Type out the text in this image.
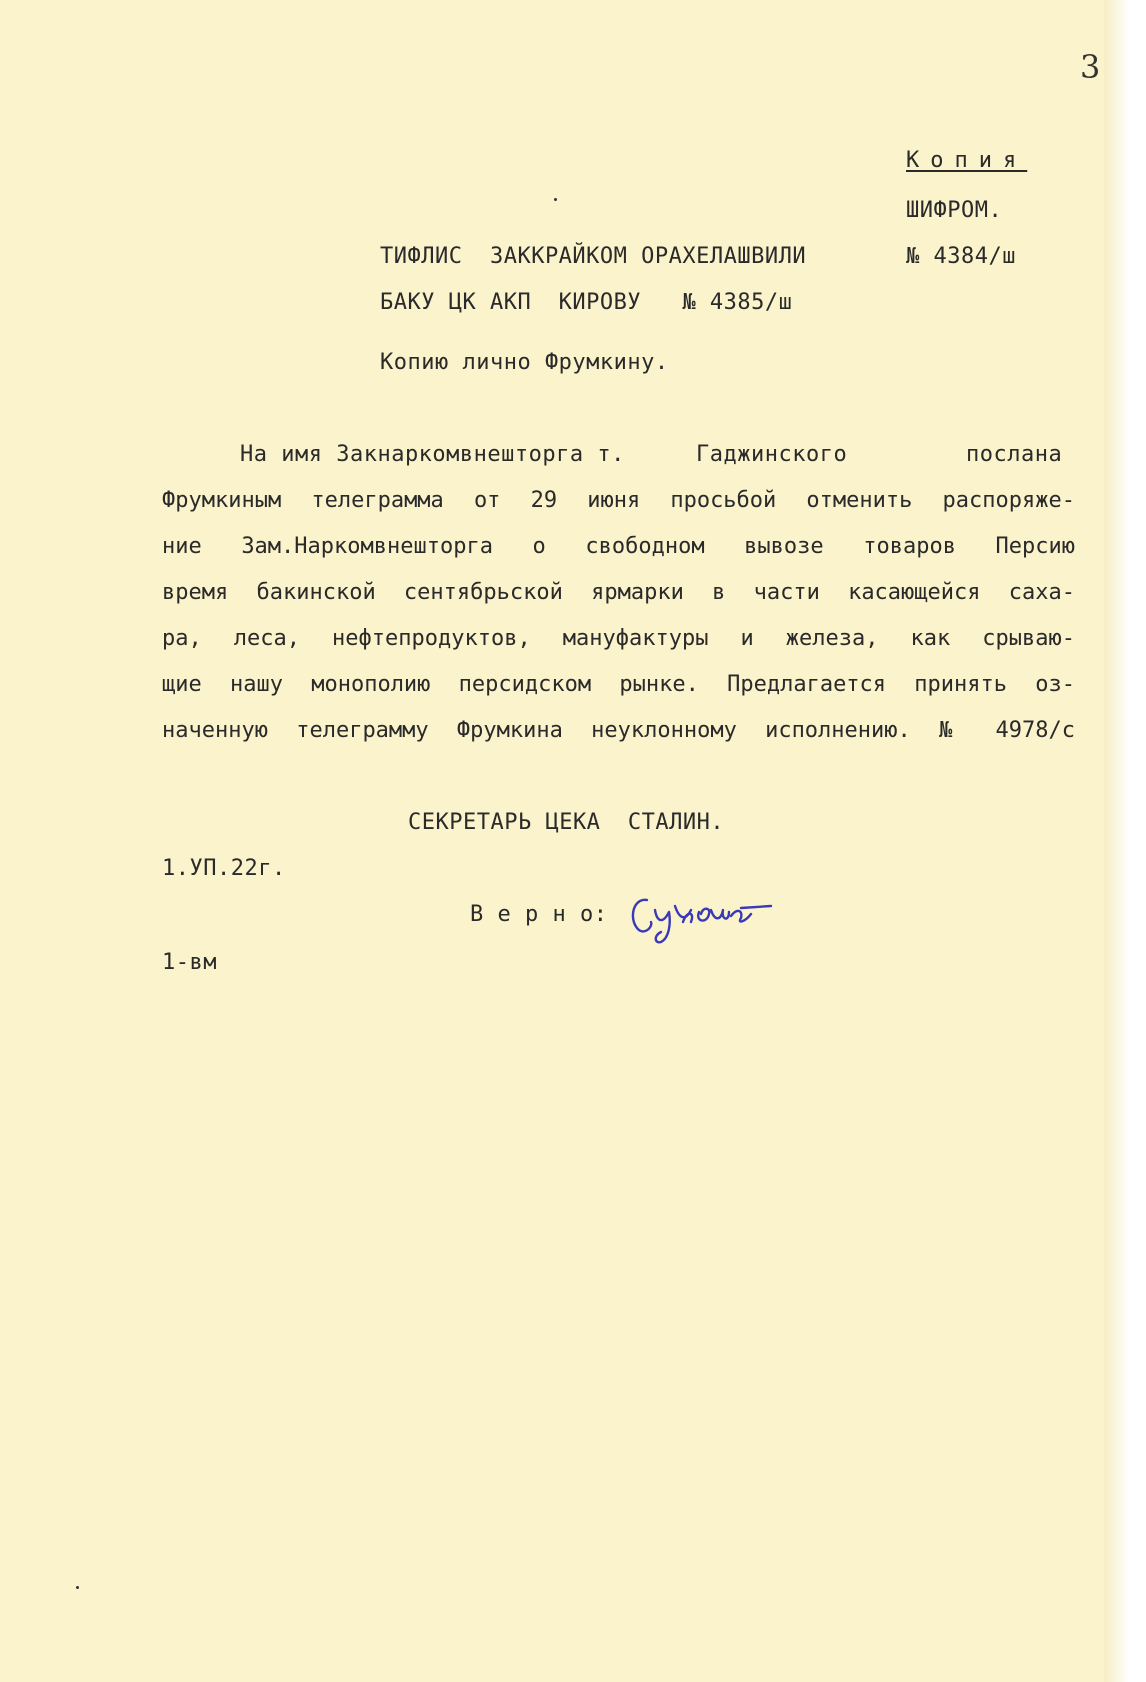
3
Копия
ШИФРОМ.
ТИФЛИС  ЗАККРАЙКОМ ОРАХЕЛАШВИЛИ	№ 4384/ш
БАКУ ЦК АКП  КИРОВУ   № 4385/ш
Копию лично Фрумкину.
На имя Закнаркомвнешторга т.	Гаджинского	послана
Фрумкиным телеграмма от 29 июня просьбой отменить распоряже-
ние Зам.Наркомвнешторга о свободном вывозе товаров Персию
время бакинской сентябрьской ярмарки в части касающейся саха-
ра, леса, нефтепродуктов, мануфактуры и железа, как срываю-
щие нашу монополию персидском рынке. Предлагается принять оз-
наченную телеграмму Фрумкина неуклонному исполнению. № 4978/с
СЕКРЕТАРЬ ЦЕКА  СТАЛИН.
1.УП.22г.
В е р н о:
1-вм
